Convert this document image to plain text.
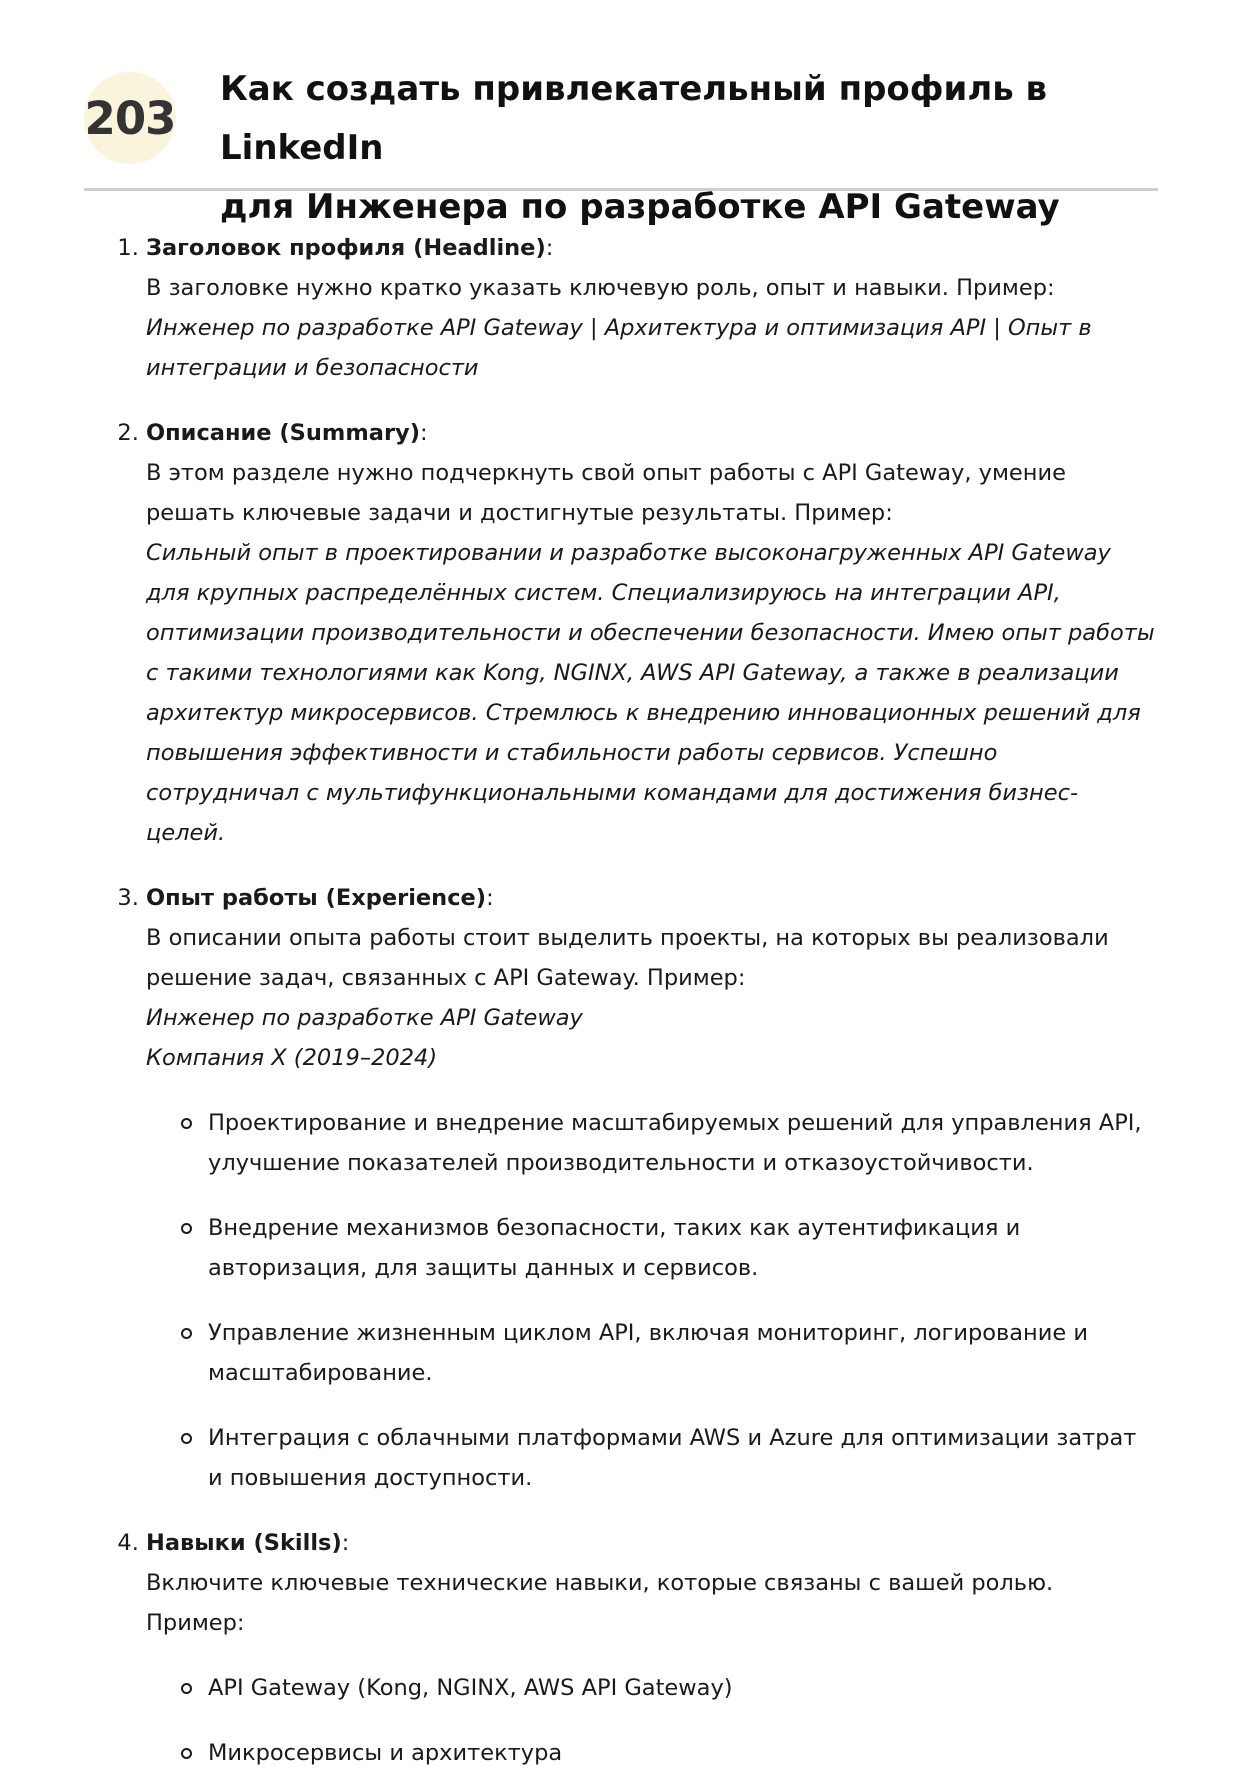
203
Как создать привлекательный профиль в LinkedIn
для Инженера по разработке API Gateway
1. Заголовок профиля (Headline):
В заголовке нужно кратко указать ключевую роль, опыт и навыки. Пример:
Инженер по разработке API Gateway | Архитектура и оптимизация API | Опыт в интеграции и безопасности
2. Описание (Summary):
В этом разделе нужно подчеркнуть свой опыт работы с API Gateway, умение решать ключевые задачи и достигнутые результаты. Пример:
Сильный опыт в проектировании и разработке высоконагруженных API Gateway для крупных распределённых систем. Специализируюсь на интеграции API, оптимизации производительности и обеспечении безопасности. Имею опыт работы с такими технологиями как Kong, NGINX, AWS API Gateway, а также в реализации архитектур микросервисов. Стремлюсь к внедрению инновационных решений для повышения эффективности и стабильности работы сервисов. Успешно сотрудничал с мультифункциональными командами для достижения бизнес-целей.
3. Опыт работы (Experience):
В описании опыта работы стоит выделить проекты, на которых вы реализовали решение задач, связанных с API Gateway. Пример:
Инженер по разработке API Gateway
Компания X (2019–2024)
Проектирование и внедрение масштабируемых решений для управления API, улучшение показателей производительности и отказоустойчивости.
Внедрение механизмов безопасности, таких как аутентификация и авторизация, для защиты данных и сервисов.
Управление жизненным циклом API, включая мониторинг, логирование и масштабирование.
Интеграция с облачными платформами AWS и Azure для оптимизации затрат и повышения доступности.
4. Навыки (Skills):
Включите ключевые технические навыки, которые связаны с вашей ролью. Пример:
API Gateway (Kong, NGINX, AWS API Gateway)
Микросервисы и архитектура
